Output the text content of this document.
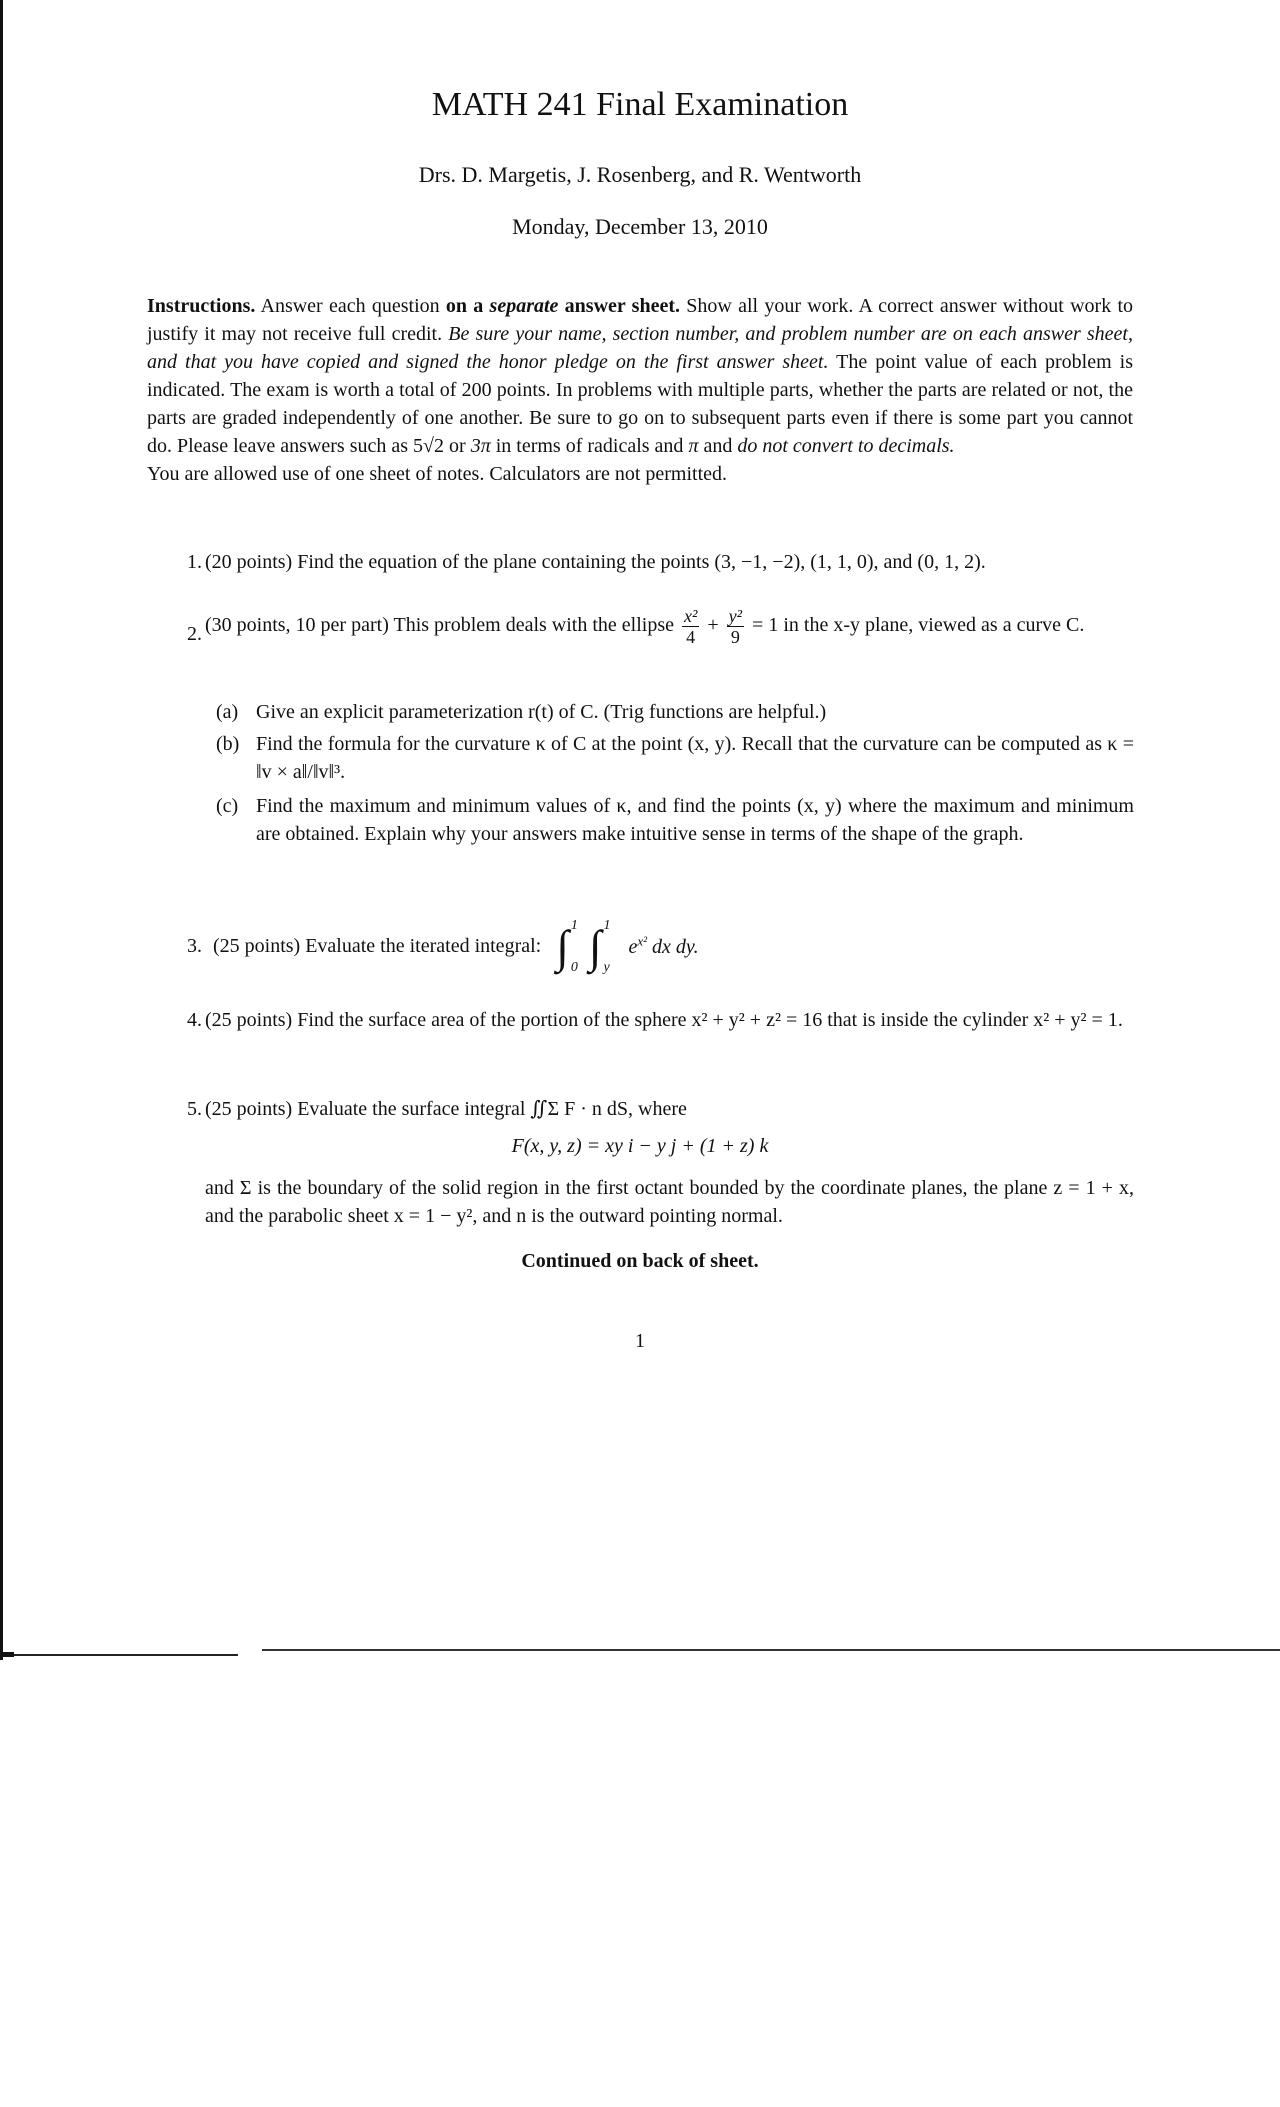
MATH 241 Final Examination
Drs. D. Margetis, J. Rosenberg, and R. Wentworth
Monday, December 13, 2010

Instructions. Answer each question on a separate answer sheet. Show all your work. A correct answer without work to justify it may not receive full credit. Be sure your name, section number, and problem number are on each answer sheet, and that you have copied and signed the honor pledge on the first answer sheet. The point value of each problem is indicated. The exam is worth a total of 200 points. In problems with multiple parts, whether the parts are related or not, the parts are graded independently of one another. Be sure to go on to subsequent parts even if there is some part you cannot do. Please leave answers such as 5√2 or 3π in terms of radicals and π and do not convert to decimals.

You are allowed use of one sheet of notes. Calculators are not permitted.

1. (20 points) Find the equation of the plane containing the points (3, −1, −2), (1, 1, 0), and (0, 1, 2).
2. (30 points, 10 per part) This problem deals with the ellipse $\frac{\text{x²}}{4} + \frac{\text{y²}}{9} = 1$ in the x-y plane, viewed as a curve C.
(a) Give an explicit parameterization r(t) of C. (Trig functions are helpful.)
(b) Find the formula for the curvature κ of C at the point (x, y). Recall that the curvature can be computed as κ = ‖v × a‖/‖v‖³.
(c) Find the maximum and minimum values of κ, and find the points (x, y) where the maximum and minimum are obtained. Explain why your answers make intuitive sense in terms of the shape of the graph.
3. (25 points) Evaluate the iterated integral: ∫ 1
0 ∫ 1
y
$e^{x^2}$ dx dy.
4. (25 points) Find the surface area of the portion of the sphere x² + y² + z² = 16 that is inside the cylinder x² + y² = 1.
5. (25 points) Evaluate the surface integral ∬Σ F · n dS, where
F(x, y, z) = xy i − y j + (1 + z) k
and Σ is the boundary of the solid region in the first octant bounded by the coordinate planes, the plane z = 1 + x, and the parabolic sheet x = 1 − y², and n is the outward pointing normal.
Continued on back of sheet.
1
